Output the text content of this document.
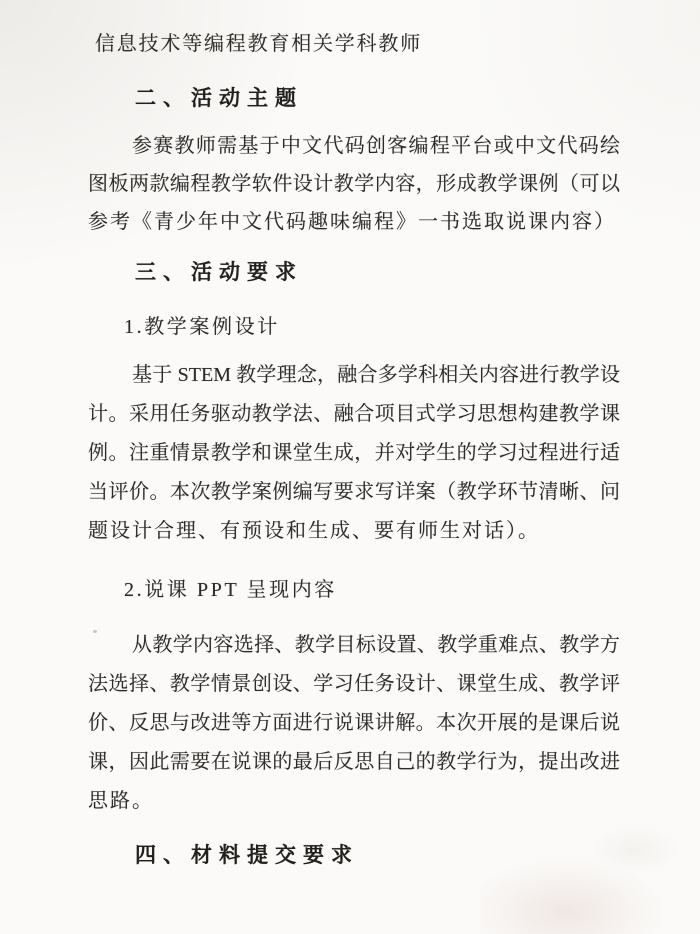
信息技术等编程教育相关学科教师
二、活动主题
参赛教师需基于中文代码创客编程平台或中文代码绘
图板两款编程教学软件设计教学内容，形成教学课例（可以
参考《青少年中文代码趣味编程》一书选取说课内容）
三、活动要求
1.教学案例设计
基于 STEM 教学理念，融合多学科相关内容进行教学设
计。采用任务驱动教学法、融合项目式学习思想构建教学课
例。注重情景教学和课堂生成，并对学生的学习过程进行适
当评价。本次教学案例编写要求写详案（教学环节清晰、问
题设计合理、有预设和生成、要有师生对话）。
2.说课 PPT 呈现内容
从教学内容选择、教学目标设置、教学重难点、教学方
法选择、教学情景创设、学习任务设计、课堂生成、教学评
价、反思与改进等方面进行说课讲解。本次开展的是课后说
课，因此需要在说课的最后反思自己的教学行为，提出改进
思路。
四、材料提交要求
